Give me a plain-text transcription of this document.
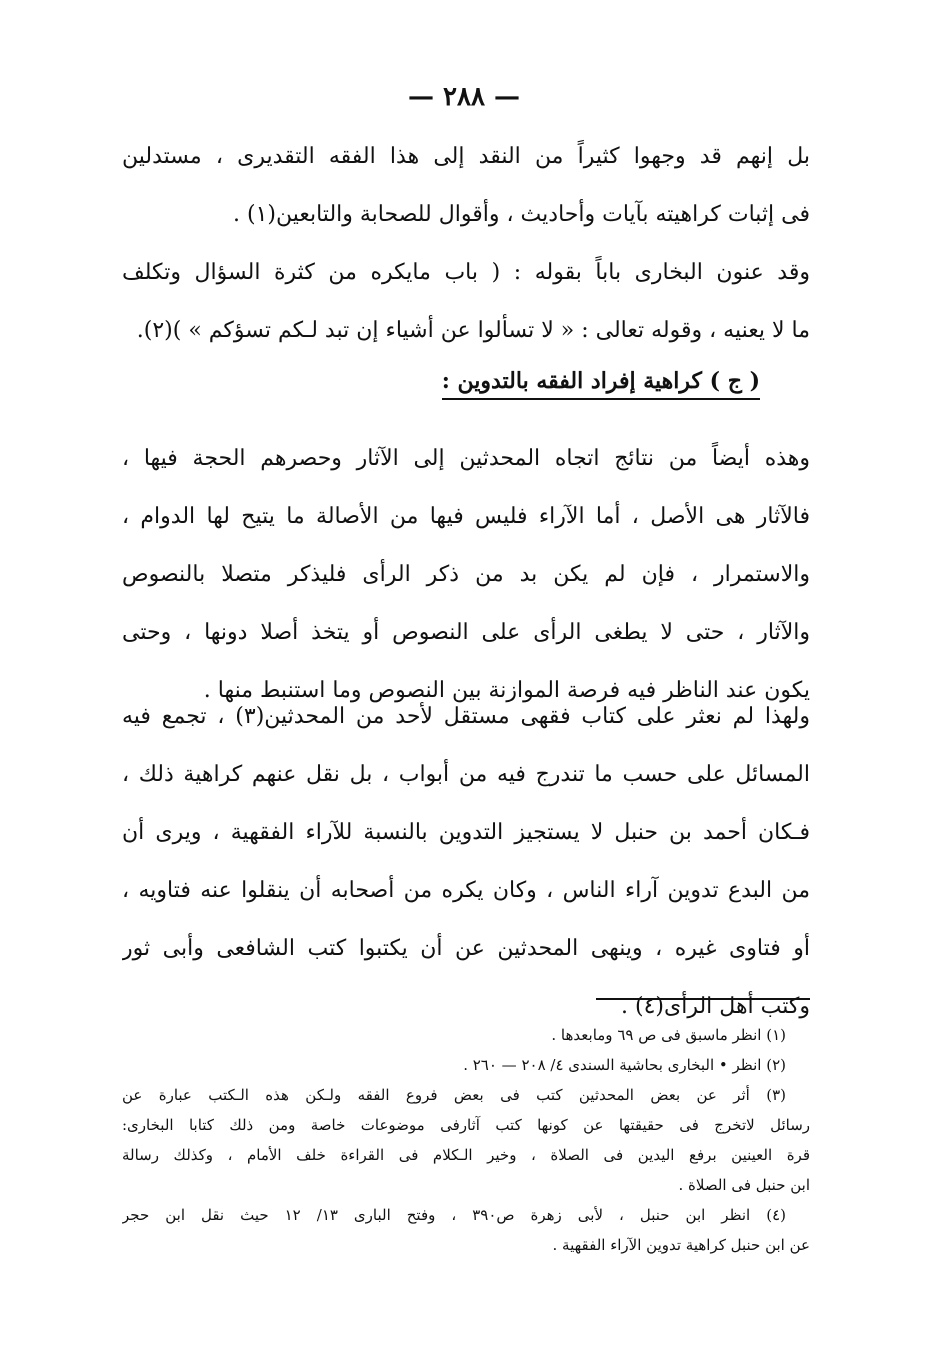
— ٢٨٨ —
بل إنهم قد وجهوا كثيراً من النقد إلى هذا الفقه التقديرى ، مستدلين
فى إثبات كراهيته بآيات وأحاديث ، وأقوال للصحابة والتابعين(١) .
وقد عنون البخارى باباً بقوله : ( باب مايكره من كثرة السؤال وتكلف
ما لا يعنيه ، وقوله تعالى : « لا تسألوا عن أشياء إن تبد لـكم تسؤكم » )(٢).
( ج ) كراهية إفراد الفقه بالتدوين :
وهذه أيضاً من نتائج اتجاه المحدثين إلى الآثار وحصرهم الحجة فيها ،
فالآثار هى الأصل ، أما الآراء فليس فيها من الأصالة ما يتيح لها الدوام ،
والاستمرار ، فإن لم يكن بد من ذكر الرأى فليذكر متصلا بالنصوص
والآثار ، حتى لا يطغى الرأى على النصوص أو يتخذ أصلا دونها ، وحتى
يكون عند الناظر فيه فرصة الموازنة بين النصوص وما استنبط منها .
ولهذا لم نعثر على كتاب فقهى مستقل لأحد من المحدثين(٣) ، تجمع فيه
المسائل على حسب ما تندرج فيه من أبواب ، بل نقل عنهم كراهية ذلك ،
فـكان أحمد بن حنبل لا يستجيز التدوين بالنسبة للآراء الفقهية ، ويرى أن
من البدع تدوين آراء الناس ، وكان يكره من أصحابه أن ينقلوا عنه فتاويه ،
أو فتاوى غيره ، وينهى المحدثين عن أن يكتبوا كتب الشافعى وأبى ثور
وكتب أهل الرأى(٤) .
(١) انظر ماسبق فى ص ٦٩ ومابعدها .
(٢) انظر • البخارى بحاشية السندى ٤/ ٢٠٨ — ٢٦٠ .
(٣) أثر عن بعض المحدثين كتب فى بعض فروع الفقه ولـكن هذه الـكتب عبارة عن
رسائل لاتخرج فى حقيقتها عن كونها كتب آثارفى موضوعات خاصة ومن ذلك كتابا البخارى:
قرة العينين برفع اليدين فى الصلاة ، وخير الـكلام فى القراءة خلف الأمام ، وكذلك رسالة
ابن حنبل فى الصلاة .
(٤) انظر ابن حنبل ، لأبى زهرة ص٣٩٠ ، وفتح البارى ١٣/ ١٢ حيث نقل ابن حجر
عن ابن حنبل كراهية تدوين الآراء الفقهية .
